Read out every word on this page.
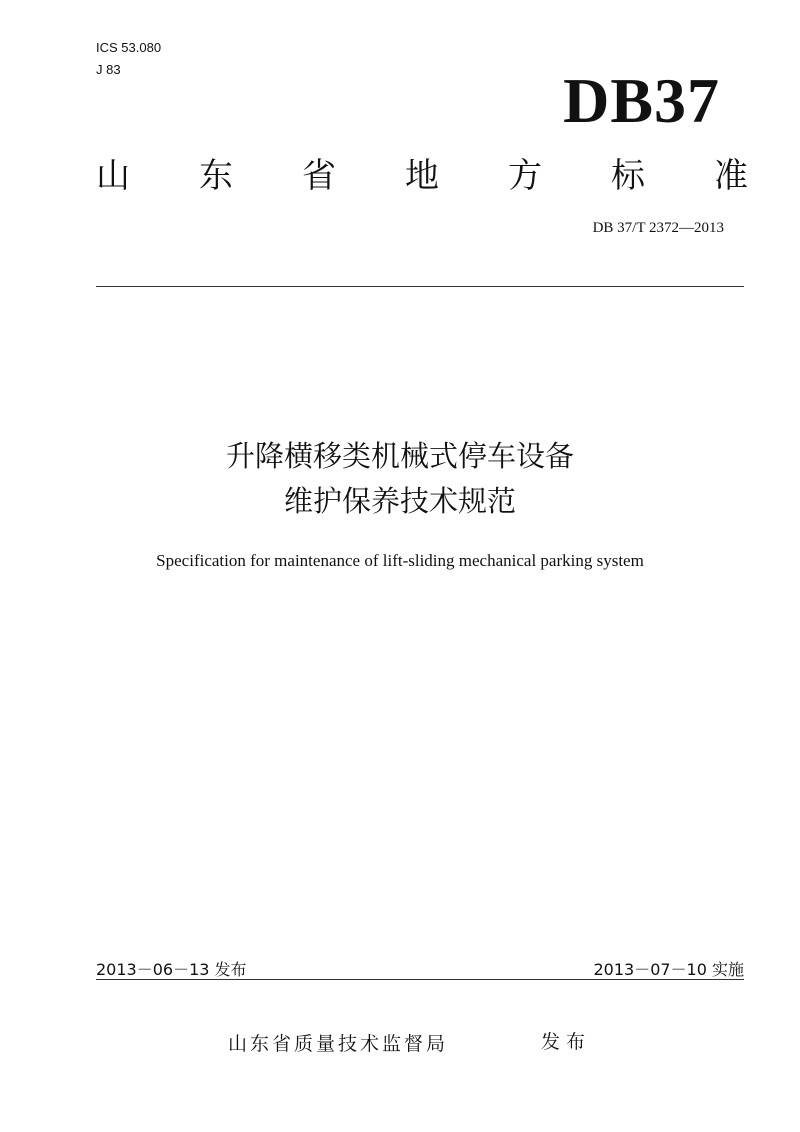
ICS 53.080
J 83	DB37
山 东 省 地 方 标 准
DB 37/T 2372—2013
升降横移类机械式停车设备
维护保养技术规范
Specification for maintenance of lift-sliding mechanical parking system
2013－06－13 发布	2013－07－10 实施
山东省质量技术监督局	发布
